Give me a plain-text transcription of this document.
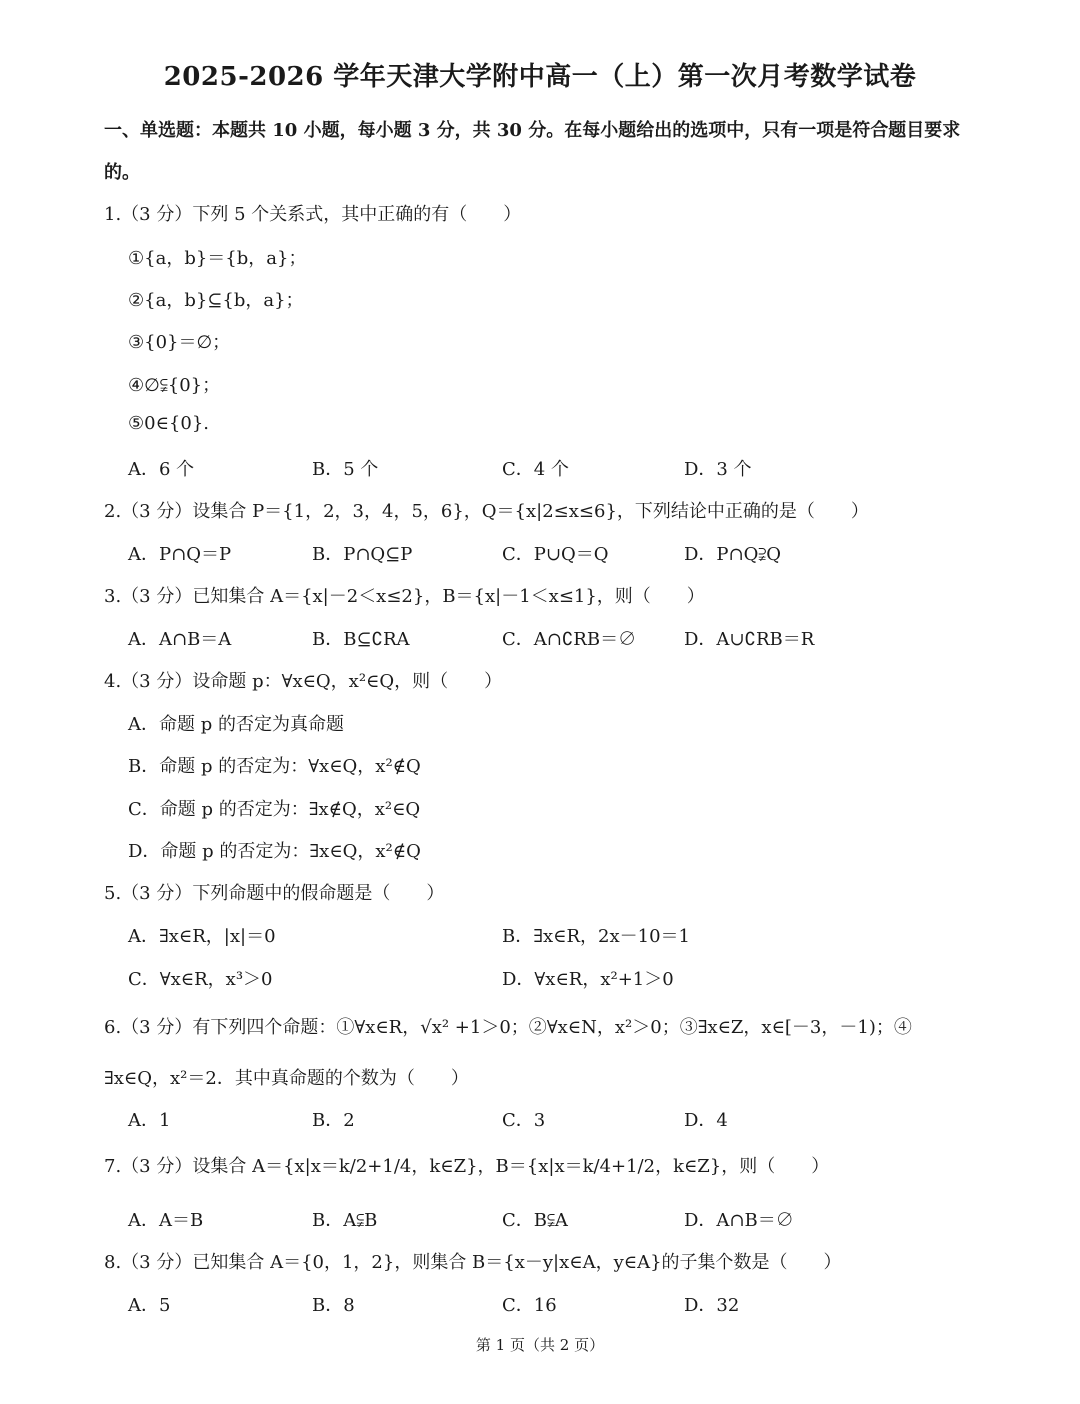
2025-2026 学年天津大学附中高一（上）第一次月考数学试卷
一、单选题：本题共 10 小题，每小题 3 分，共 30 分。在每小题给出的选项中，只有一项是符合题目要求
的。
1.（3 分）下列 5 个关系式，其中正确的有（　　）
①{a，b}＝{b，a}；
②{a，b}⊆{b，a}；
③{0}＝∅；
④∅⫋{0}；
⑤0∈{0}.
A．6 个	B．5 个	C．4 个	D．3 个
2.（3 分）设集合 P＝{1，2，3，4，5，6}，Q＝{x|2≤x≤6}，下列结论中正确的是（　　）
A．P∩Q＝P	B．P∩Q⊆P	C．P∪Q＝Q	D．P∩Q⫌Q
3.（3 分）已知集合 A＝{x|－2＜x≤2}，B＝{x|－1＜x≤1}，则（　　）
A．A∩B＝A	B．B⊆∁RA	C．A∩∁RB＝∅	D．A∪∁RB＝R
4.（3 分）设命题 p：∀x∈Q，x²∈Q，则（　　）
A．命题 p 的否定为真命题
B．命题 p 的否定为：∀x∈Q，x²∉Q
C．命题 p 的否定为：∃x∉Q，x²∈Q
D．命题 p 的否定为：∃x∈Q，x²∉Q
5.（3 分）下列命题中的假命题是（　　）
A．∃x∈R，|x|＝0	B．∃x∈R，2x－10＝1
C．∀x∈R，x³＞0	D．∀x∈R，x²+1＞0
6.（3 分）有下列四个命题：①∀x∈R，√x² +1＞0；②∀x∈N，x²＞0；③∃x∈Z，x∈[－3，－1)；④
∃x∈Q，x²＝2．其中真命题的个数为（　　）
A．1	B．2	C．3	D．4
7.（3 分）设集合 A＝{x|x＝k/2+1/4，k∈Z}，B＝{x|x＝k/4+1/2，k∈Z}，则（　　）
A．A＝B	B．A⫋B	C．B⫋A	D．A∩B＝∅
8.（3 分）已知集合 A＝{0，1，2}，则集合 B＝{x－y|x∈A，y∈A}的子集个数是（　　）
A．5	B．8	C．16	D．32
第 1 页（共 2 页）
